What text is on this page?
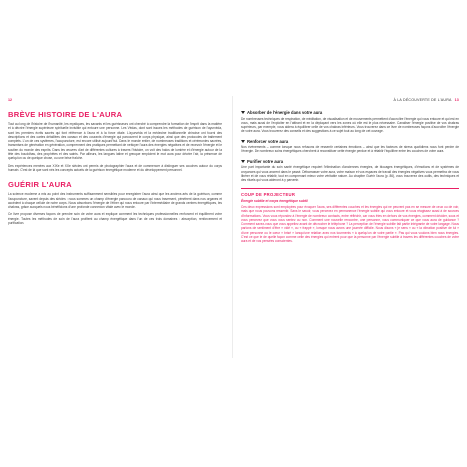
12
BRÈVE HISTOIRE DE L'AURA

Tout au long de l'histoire de l'humanité, les mystiques, les savants et les guérisseurs ont cherché à comprendre la formation de l'esprit dans la matière et à décrire l'énergie supérieure spirituelle invisible qui entoure une personne. Les Védas, dont sont issues les méthodes de guérison de l'ayurvéda, sont les premiers écrits sacrés qui font référence à l'aura et à la force vitale. L'ayurvéda et la médecine traditionnelle chinoise ont fourni des descriptions et des cartes détaillées des canaux et des courants d'énergie qui parcourent le corps physique, ainsi que des protocoles de traitement complets. L'un de ces systèmes, l'acupuncture, est encore utilisé aujourd'hui. Dans le monde entier, de nombreuses traditions et cérémonies sacrées, transmises de génération en génération, comprennent des pratiques permettant de nettoyer l'aura des énergies négatives et de recevoir l'énergie et le soutien du monde des esprits. Dans les œuvres d'art de différentes cultures à travers l'histoire, on voit des halos de lumière et d'énergie autour de la tête des bouddhas, des prophètes et des saints. Par ailleurs, les langues latine et grecque emploient le mot aura pour décrire l'air, la présence de quelqu'un ou de quelque chose, ou une brise fraîche.

Des expériences menées aux XIXe et XXe siècles ont permis de photographier l'aura et de commencer à distinguer ses couches autour du corps humain. C'est de là que sont nés les concepts actuels de la guérison énergétique moderne et du développement personnel.

GUÉRIR L'AURA

La science moderne a mis au point des instruments suffisamment sensibles pour enregistrer l'aura ainsi que les anciens arts de la guérison, comme l'acupuncture, savent depuis des siècles : nous sommes un champ d'énergie parcouru de canaux qui nous traversent, pénètrent dans nos organes et accèdent à chaque cellule de notre corps. Nous absorbons l'énergie de l'éther qui nous entoure par l'intermédiaire de grands centres énergétiques, les chakras, grâce auxquels nous bénéficions d'une profonde connexion vitale avec le monde.

Ce livre propose diverses façons de prendre soin de votre aura et explique comment les techniques professionnelles renforcent et équilibrent votre énergie. Toutes les méthodes de soin de l'aura profitent au champ énergétique dans l'un de ces trois domaines : absorption, renforcement et purification.

À LA DÉCOUVERTE DE L'AURA 13
Absorber de l'énergie dans votre aura

De nombreuses techniques de respiration, de méditation, de visualisation et de mouvements permettent d'accroître l'énergie qui vous entoure et qui est en vous, mais aussi de l'exploiter en l'attirant et en la déplaçant vers les zones où elle est le plus nécessaire. Canaliser l'énergie positive de vos chakras supérieurs, par exemple, vous aidera à équilibrer celle de vos chakras inférieurs. Vous trouverez dans ce livre de nombreuses façons d'accroître l'énergie de votre aura. Vous trouverez des conseils et des suggestions à ce sujet tout au long de cet ouvrage.

Renforcer votre aura

Nos évènements – comme lorsque nous refusons de ressentir certaines émotions – ainsi que les facteurs de stress quotidiens nous font perdre de l'énergie. De nombreux soins énergétiques cherchent à reconstituer cette énergie perdue et à rétablir l'équilibre entre les couches de votre aura.

Purifier votre aura

Une part importante du soin santé énergétique requiert l'élimination d'anciennes énergies, de blocages énergétiques, d'émotions et de systèmes de croyances qui vous ancrent dans le passé. Débarrasser votre aura, votre maison et vos espaces de travail des énergies négatives vous permettra de vous libérer et de vous rétablir, tout en comprenant mieux votre véritable nature. Au chapitre Guérir l'aura (p. 86), vous trouverez des outils, des techniques et des rituels qui vous aideront à y parvenir.

COUP DE PROJECTEUR
Énergie subtile et corps énergétique subtil

Ces deux expressions sont employées pour évoquer l'aura, ses différentes couches et les énergies qui ne peuvent pas en se mesure de ceux ou de voir, mais que nous pouvons ressentir. Sans le savoir, vous percevez en permanence l'énergie subtile qui vous entoure et vous réagissez aussi à de sources d'informations. Vous vous répondez à l'énergie de nombreux contacts, entre réfléchir, car vous êtes en dehors de vos énergies, comment décider, sous et vous percevez que vous vous sentez ou non. Comment une nouvelle rencontre, une personne, vous communiquer ce que vous aura de guidance ? Comment savez-vous que vous appeliez avant de décrocher le téléphone ? La perception de l'énergie subtile fait partie intégrante de votre langage. Nous parlons de sentiment d'être « vidé », ou « frappé », lorsque nous avons une journée difficile. Nous disons « je sens » ou « la vibration positive de lui » d'une personne ou le cœur « brisé » lorsqu'une relation avec nos tourments « à quelqu'un de votre partie ». Pas qui vous voulons bien nous énergies. C'est ce que le de quelle façon comme celle des énergies qui entrent pour que la personne par l'énergie subtile à travers les différentes couches de votre aura et de vos pensées conscientes.
